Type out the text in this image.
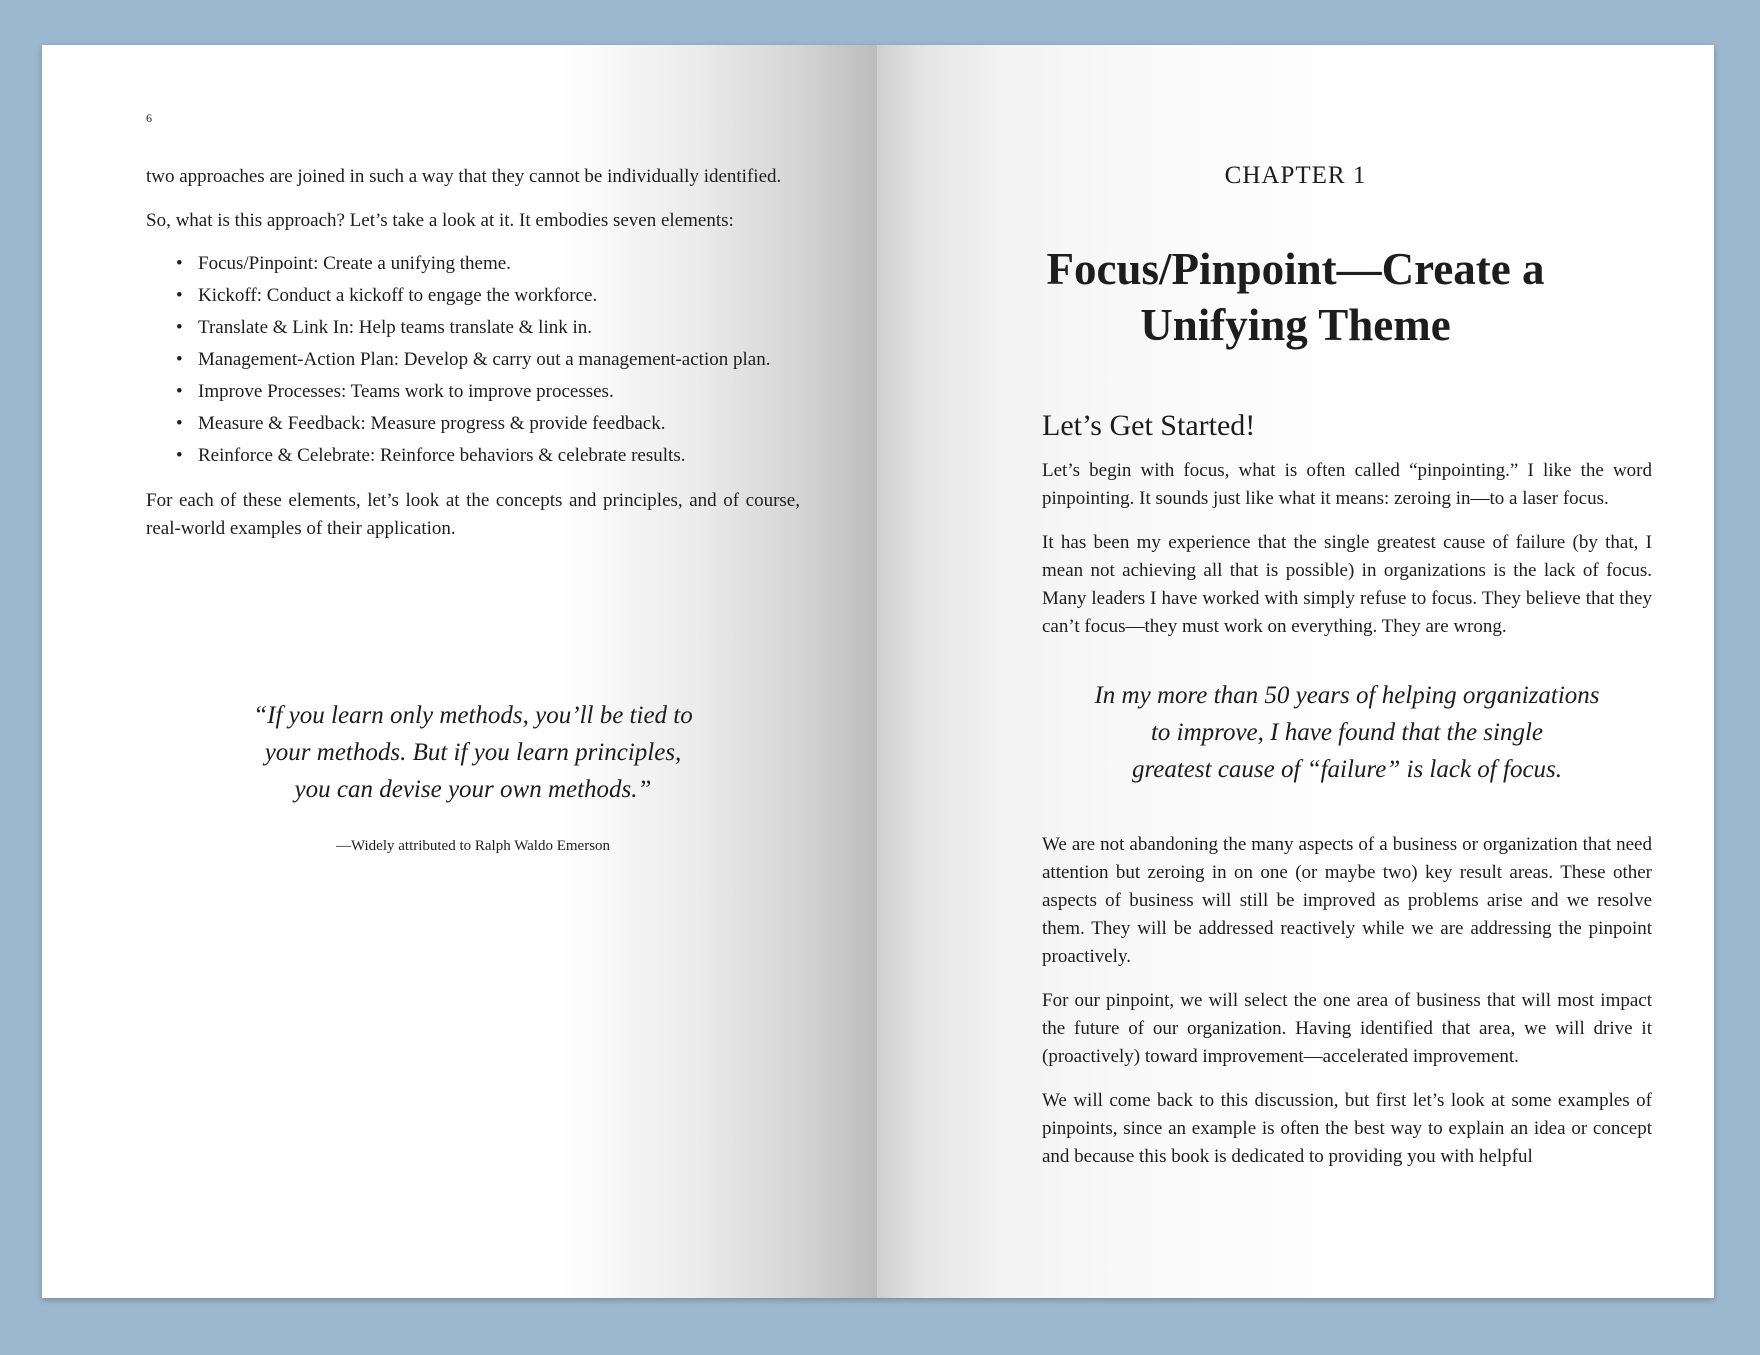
6

two approaches are joined in such a way that they cannot be individually identified.

So, what is this approach? Let’s take a look at it. It embodies seven elements:

• Focus/Pinpoint: Create a unifying theme.
• Kickoff: Conduct a kickoff to engage the workforce.
• Translate & Link In: Help teams translate & link in.
• Management-Action Plan: Develop & carry out a management-action plan.
• Improve Processes: Teams work to improve processes.
• Measure & Feedback: Measure progress & provide feedback.
• Reinforce & Celebrate: Reinforce behaviors & celebrate results.

For each of these elements, let’s look at the concepts and principles, and of course, real-world examples of their application.

“If you learn only methods, you’ll be tied to
your methods. But if you learn principles,
you can devise your own methods.”
—Widely attributed to Ralph Waldo Emerson
CHAPTER 1
Focus/Pinpoint—Create a
Unifying Theme
Let’s Get Started!

Let’s begin with focus, what is often called “pinpointing.” I like the word pinpointing. It sounds just like what it means: zeroing in—to a laser focus.

It has been my experience that the single greatest cause of failure (by that, I mean not achieving all that is possible) in organizations is the lack of focus. Many leaders I have worked with simply refuse to focus. They believe that they can’t focus—they must work on everything. They are wrong.

In my more than 50 years of helping organizations
to improve, I have found that the single
greatest cause of “failure” is lack of focus.

We are not abandoning the many aspects of a business or organization that need attention but zeroing in on one (or maybe two) key result areas. These other aspects of business will still be improved as problems arise and we resolve them. They will be addressed reactively while we are addressing the pinpoint proactively.

For our pinpoint, we will select the one area of business that will most impact the future of our organization. Having identified that area, we will drive it (proactively) toward improvement—accelerated improvement.

We will come back to this discussion, but first let’s look at some examples of pinpoints, since an example is often the best way to explain an idea or concept and because this book is dedicated to providing you with helpful
